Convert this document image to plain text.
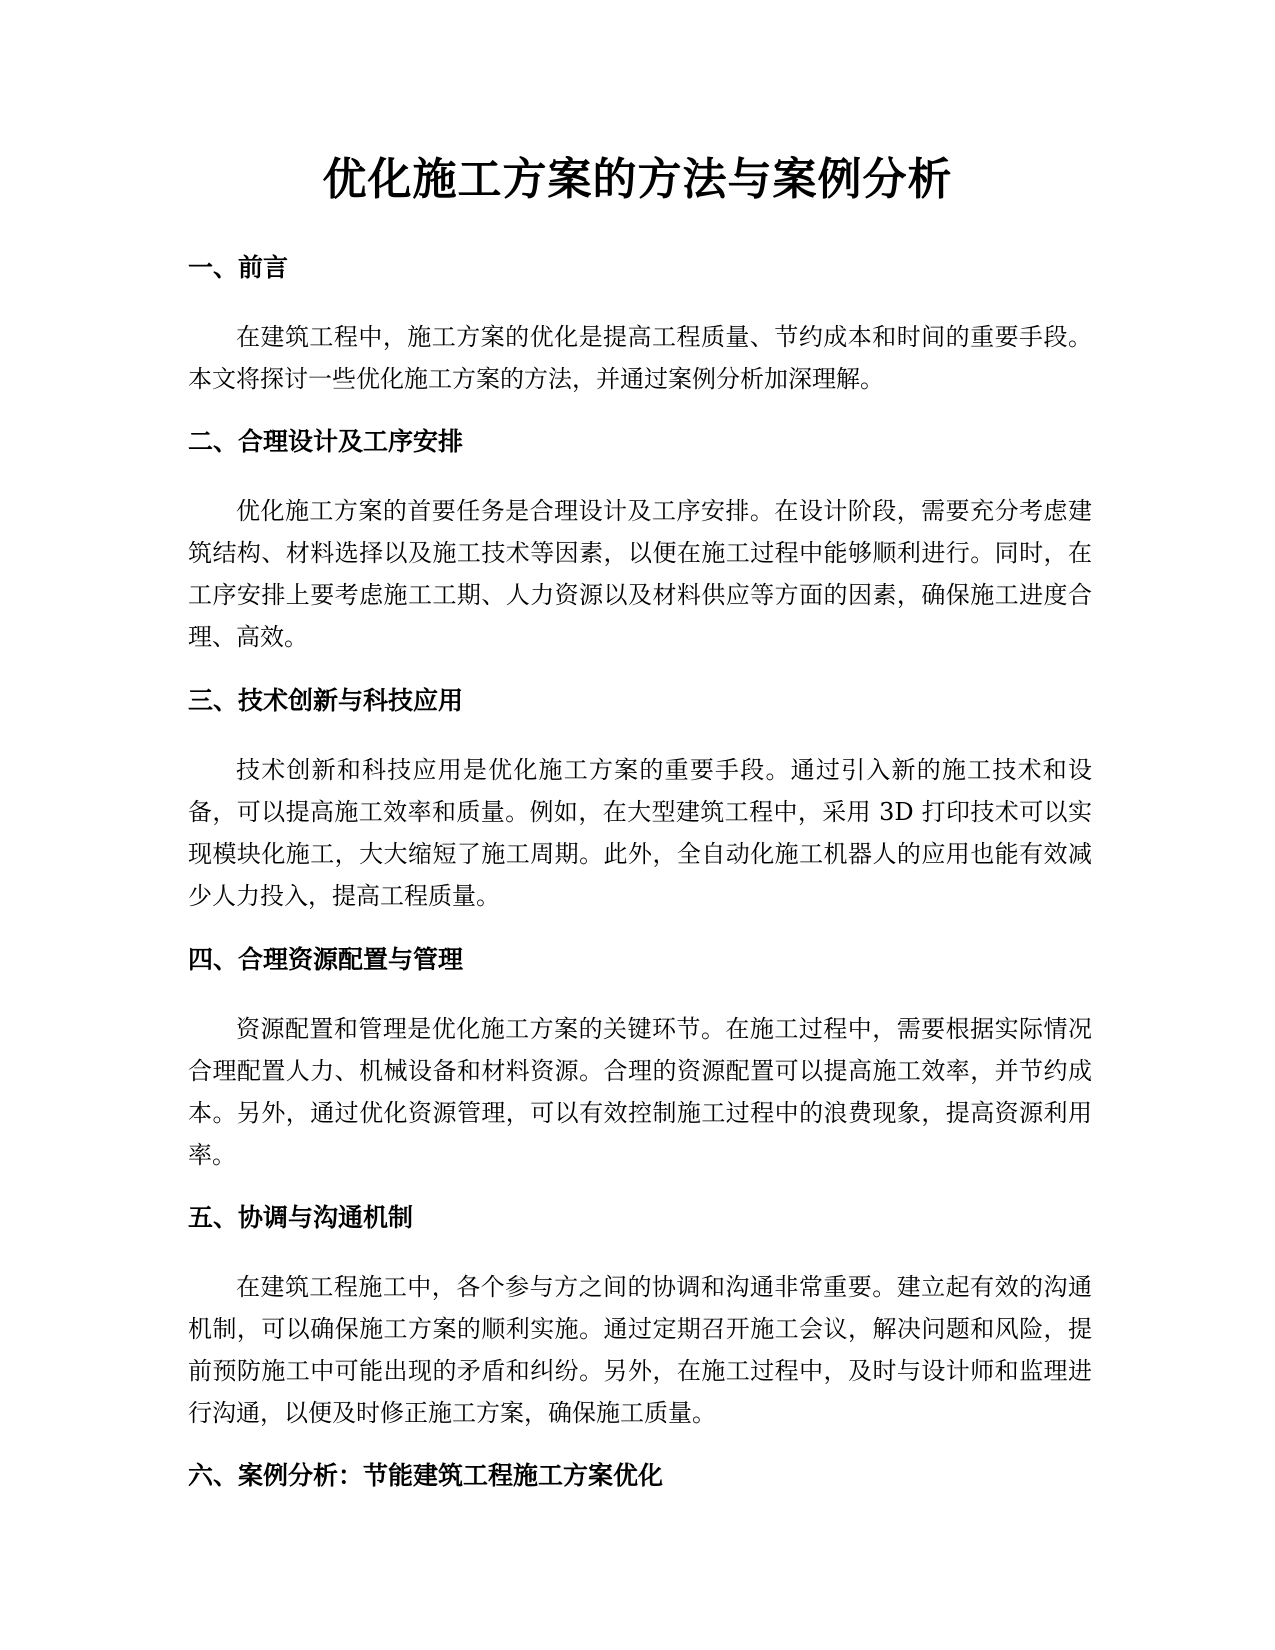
优化施工方案的方法与案例分析
一、前言

在建筑工程中，施工方案的优化是提高工程质量、节约成本和时间的重要手段。本文将探讨一些优化施工方案的方法，并通过案例分析加深理解。

二、合理设计及工序安排

优化施工方案的首要任务是合理设计及工序安排。在设计阶段，需要充分考虑建筑结构、材料选择以及施工技术等因素，以便在施工过程中能够顺利进行。同时，在工序安排上要考虑施工工期、人力资源以及材料供应等方面的因素，确保施工进度合理、高效。

三、技术创新与科技应用

技术创新和科技应用是优化施工方案的重要手段。通过引入新的施工技术和设备，可以提高施工效率和质量。例如，在大型建筑工程中，采用 3D 打印技术可以实现模块化施工，大大缩短了施工周期。此外，全自动化施工机器人的应用也能有效减少人力投入，提高工程质量。

四、合理资源配置与管理

资源配置和管理是优化施工方案的关键环节。在施工过程中，需要根据实际情况合理配置人力、机械设备和材料资源。合理的资源配置可以提高施工效率，并节约成本。另外，通过优化资源管理，可以有效控制施工过程中的浪费现象，提高资源利用率。

五、协调与沟通机制

在建筑工程施工中，各个参与方之间的协调和沟通非常重要。建立起有效的沟通机制，可以确保施工方案的顺利实施。通过定期召开施工会议，解决问题和风险，提前预防施工中可能出现的矛盾和纠纷。另外，在施工过程中，及时与设计师和监理进行沟通，以便及时修正施工方案，确保施工质量。

六、案例分析：节能建筑工程施工方案优化
